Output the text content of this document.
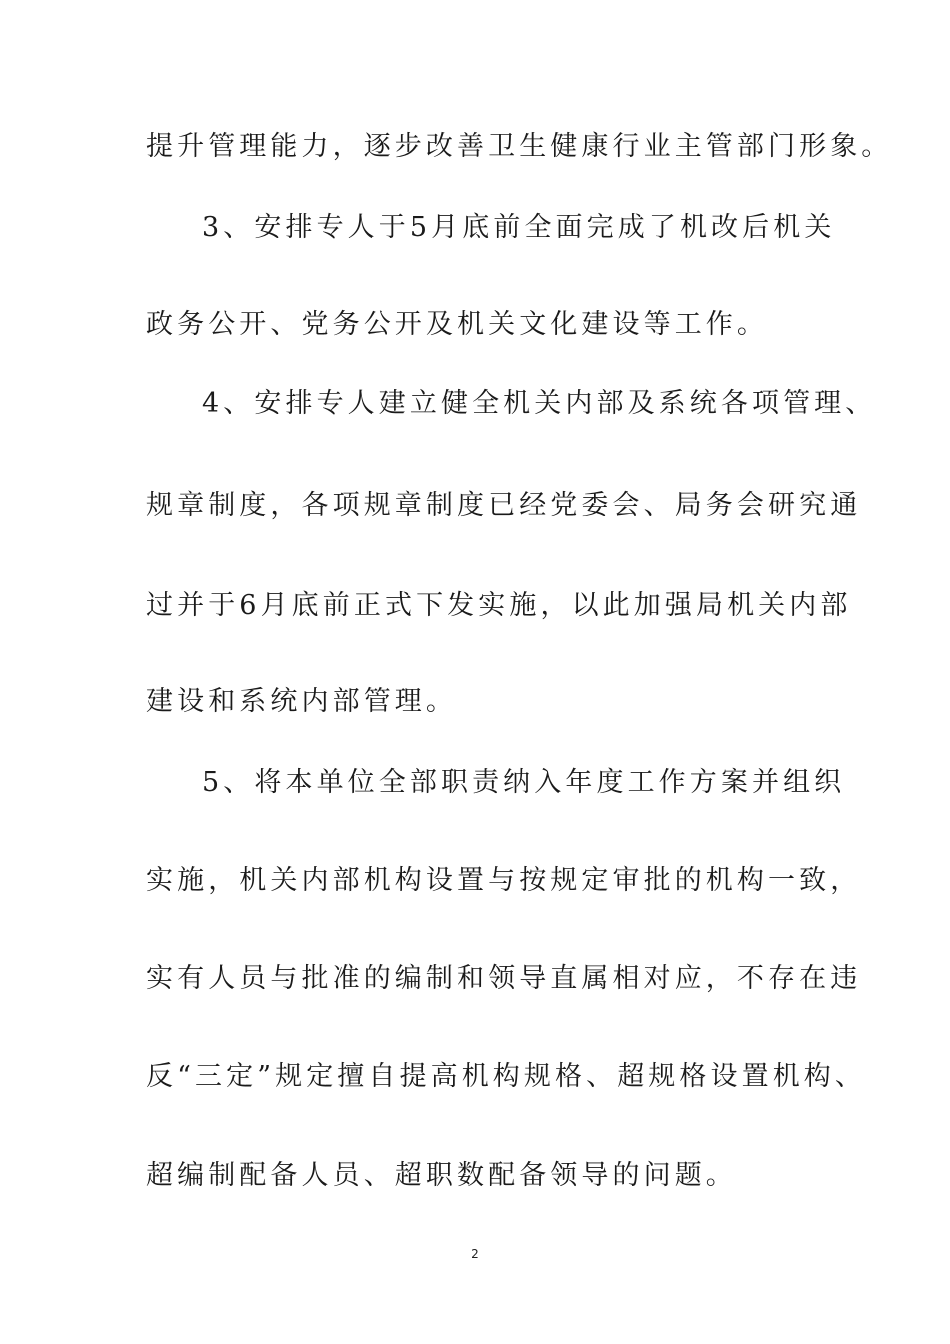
提升管理能力，逐步改善卫生健康行业主管部门形象。
3、安排专人于5月底前全面完成了机改后机关
政务公开、党务公开及机关文化建设等工作。
4、安排专人建立健全机关内部及系统各项管理、
规章制度，各项规章制度已经党委会、局务会研究通
过并于6月底前正式下发实施，以此加强局机关内部
建设和系统内部管理。
5、将本单位全部职责纳入年度工作方案并组织
实施，机关内部机构设置与按规定审批的机构一致，
实有人员与批准的编制和领导直属相对应，不存在违
反“三定”规定擅自提高机构规格、超规格设置机构、
超编制配备人员、超职数配备领导的问题。
2
